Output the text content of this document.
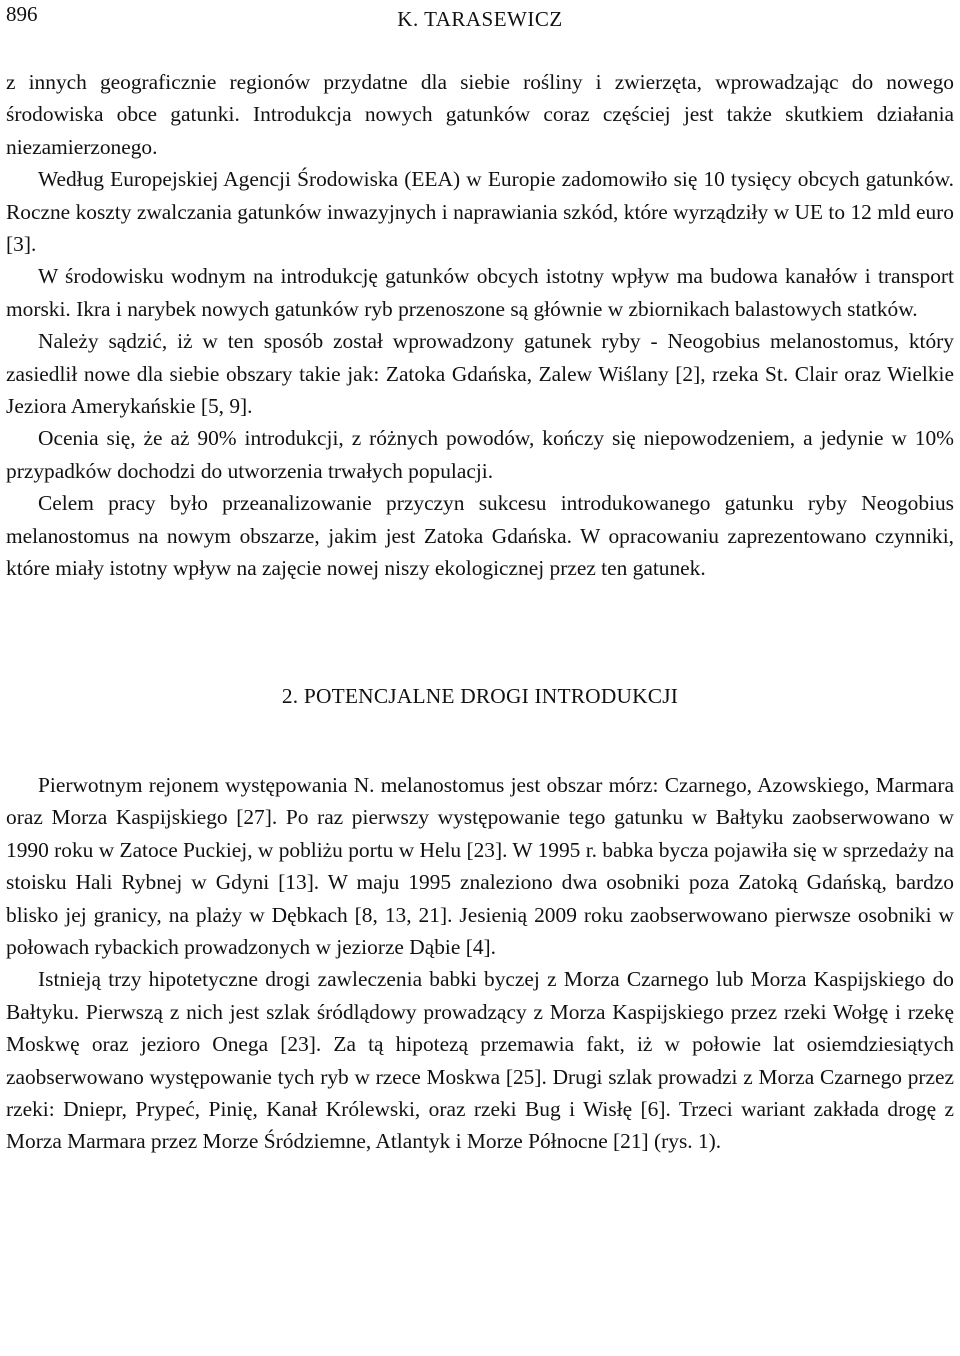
896	K. TARASEWICZ

z innych geograficznie regionów przydatne dla siebie rośliny i zwierzęta, wprowadzając do nowego środowiska obce gatunki. Introdukcja nowych gatunków coraz częściej jest także skutkiem działania niezamierzonego.

Według Europejskiej Agencji Środowiska (EEA) w Europie zadomowiło się 10 tysięcy obcych gatunków. Roczne koszty zwalczania gatunków inwazyjnych i naprawiania szkód, które wyrządziły w UE to 12 mld euro [3].

W środowisku wodnym na introdukcję gatunków obcych istotny wpływ ma budowa kanałów i transport morski. Ikra i narybek nowych gatunków ryb przenoszone są głównie w zbiornikach balastowych statków.

Należy sądzić, iż w ten sposób został wprowadzony gatunek ryby - Neogobius melanostomus, który zasiedlił nowe dla siebie obszary takie jak: Zatoka Gdańska, Zalew Wiślany [2], rzeka St. Clair oraz Wielkie Jeziora Amerykańskie [5, 9].

Ocenia się, że aż 90% introdukcji, z różnych powodów, kończy się niepowodzeniem, a jedynie w 10% przypadków dochodzi do utworzenia trwałych populacji.

Celem pracy było przeanalizowanie przyczyn sukcesu introdukowanego gatunku ryby Neogobius melanostomus na nowym obszarze, jakim jest Zatoka Gdańska. W opracowaniu zaprezentowano czynniki, które miały istotny wpływ na zajęcie nowej niszy ekologicznej przez ten gatunek.

2. POTENCJALNE DROGI INTRODUKCJI

Pierwotnym rejonem występowania N. melanostomus jest obszar mórz: Czarnego, Azowskiego, Marmara oraz Morza Kaspijskiego [27]. Po raz pierwszy występowanie tego gatunku w Bałtyku zaobserwowano w 1990 roku w Zatoce Puckiej, w pobliżu portu w Helu [23]. W 1995 r. babka bycza pojawiła się w sprzedaży na stoisku Hali Rybnej w Gdyni [13]. W maju 1995 znaleziono dwa osobniki poza Zatoką Gdańską, bardzo blisko jej granicy, na plaży w Dębkach [8, 13, 21]. Jesienią 2009 roku zaobserwowano pierwsze osobniki w połowach rybackich prowadzonych w jeziorze Dąbie [4].

Istnieją trzy hipotetyczne drogi zawleczenia babki byczej z Morza Czarnego lub Morza Kaspijskiego do Bałtyku. Pierwszą z nich jest szlak śródlądowy prowadzący z Morza Kaspijskiego przez rzeki Wołgę i rzekę Moskwę oraz jezioro Onega [23]. Za tą hipotezą przemawia fakt, iż w połowie lat osiemdziesiątych zaobserwowano występowanie tych ryb w rzece Moskwa [25]. Drugi szlak prowadzi z Morza Czarnego przez rzeki: Dniepr, Prypeć, Pinię, Kanał Królewski, oraz rzeki Bug i Wisłę [6]. Trzeci wariant zakłada drogę z Morza Marmara przez Morze Śródziemne, Atlantyk i Morze Północne [21] (rys. 1).
